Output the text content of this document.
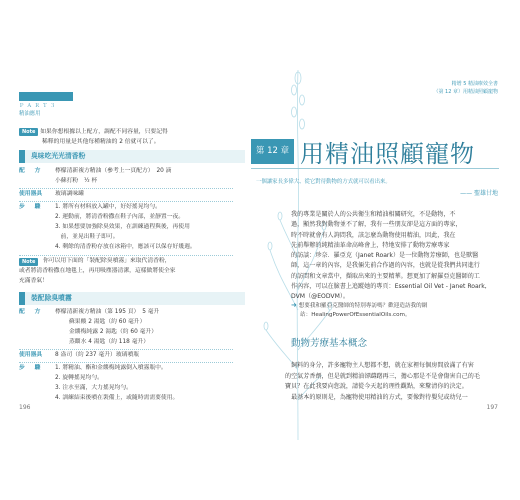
Ｐ Ａ Ｒ Ｔ ３
精油應用
Note 如果你想根據以上配方，調配不同容量，只要記得
稀釋的用量是其他每種精油的 2 倍就可以了。
臭味吃光光清香粉
配　方	檸檬清新複方精油（參考上一頁配方）　20 滴
小蘇打粉　½ 杯
使用器具	玻璃調味罐
步　驟	1. 將所有材料放入罐中，好好搖晃均勻。
2. 運動前，將清香粉撒在鞋子內部，並靜置一夜。
3. 如果想要加強除臭效果，在訓練過程與後，再使用
前，並晃出鞋子即可。
4. 剩餘的清香粉存放在冰箱中，應該可以保存好幾週。
Note	你可以用下面的「裝配除臭噴霧」來取代清香粉，
或者將清香粉撒在地毯上，再用吸塵器清潔，這樣做將使全家
充滿香氣！
裝配除臭噴霧
配　方	檸檬清新複方精油（第 195 頁）　5 毫升
蘇果酸 2 湯匙（約 60 毫升）
金縷梅純露 2 湯匙（約 60 毫升）
蒸餾水 4 湯匙（約 118 毫升）
使用器具	8 盎司（約 237 毫升）玻璃噴瓶
步　驟	1. 將精油、酯和金縷梅純露倒入噴霧瓶中。
2. 旋轉搖晃均勻。
3. 注水至滿，大力搖晃均勻。
4. 訓練結束後噴在裝備上，或隨時需需要使用。
196
精增 5 精油療效全書
（第 12 章）用精油照顧寵物
第 12 章 用精油照顧寵物
一個讓家長多偉大、從它對待動物的方式就可以看出來。
—— 聖雄甘地
我的專業是關於人的公共衛生和精油相關研究，不是動物，不
過，顯然我對動物並不了解，我有一些朋友卻是這方面的專家，
時不時就會有人詢問我，該怎麼為動物使用精油，因此，我在
先前舉辦的純精油革命高峰會上，特地安排了動物芳療專家
的訪談：珍奈．羅亞克（Janet Roark）是一位動物芳療師，也是獸醫
師，這一章的內容，是我倆先前合作過的內容，也就是從我們共同進行
的訪問和文章當中，擷取出來的主要精華。想更加了解羅亞克醫師的工
作內容，可以在臉書上追蹤她的專頁：Essential Oil Vet - Janet Roark,
DVM（@EODVM）。
➜ 想要我和羅亞克醫師的特別專訪嗎？歡迎造訪我的網
站：HealingPowerOfEssentialOils.com。
動物芳療基本概念
　飼料的身分，許多寵物主人想都不想，就在家裡每個房間放滿了有害
的空氣芳香劑，但是就到精油卻躊躇再三，擔心那是不是會傷害自己的毛
寶貝？在此我要向您說，請從今天起的理性觀點，來釐清你的決定。
　最基本的原則是，為寵物使用精油的方式，要像對待嬰兒或幼兒一
197
